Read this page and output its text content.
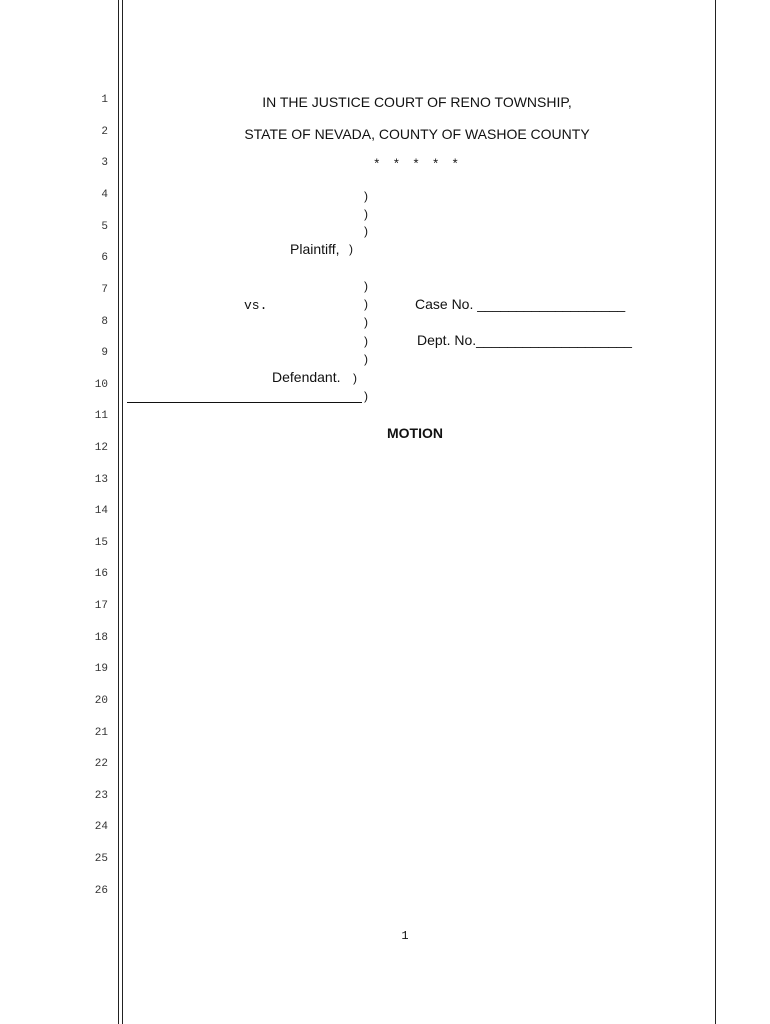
1
2
3
4
5
6
7
8
9
10
11
12
13
14
15
16
17
18
19
20
21
22
23
24
25
26
IN THE JUSTICE COURT OF RENO TOWNSHIP,
STATE OF NEVADA, COUNTY OF WASHOE COUNTY
* * * * *
)
)
)
)
)
)
)
)
)
)
)
Plaintiff,
vs.
Defendant.
Case No. ___________________
Dept. No.____________________
MOTION
1
